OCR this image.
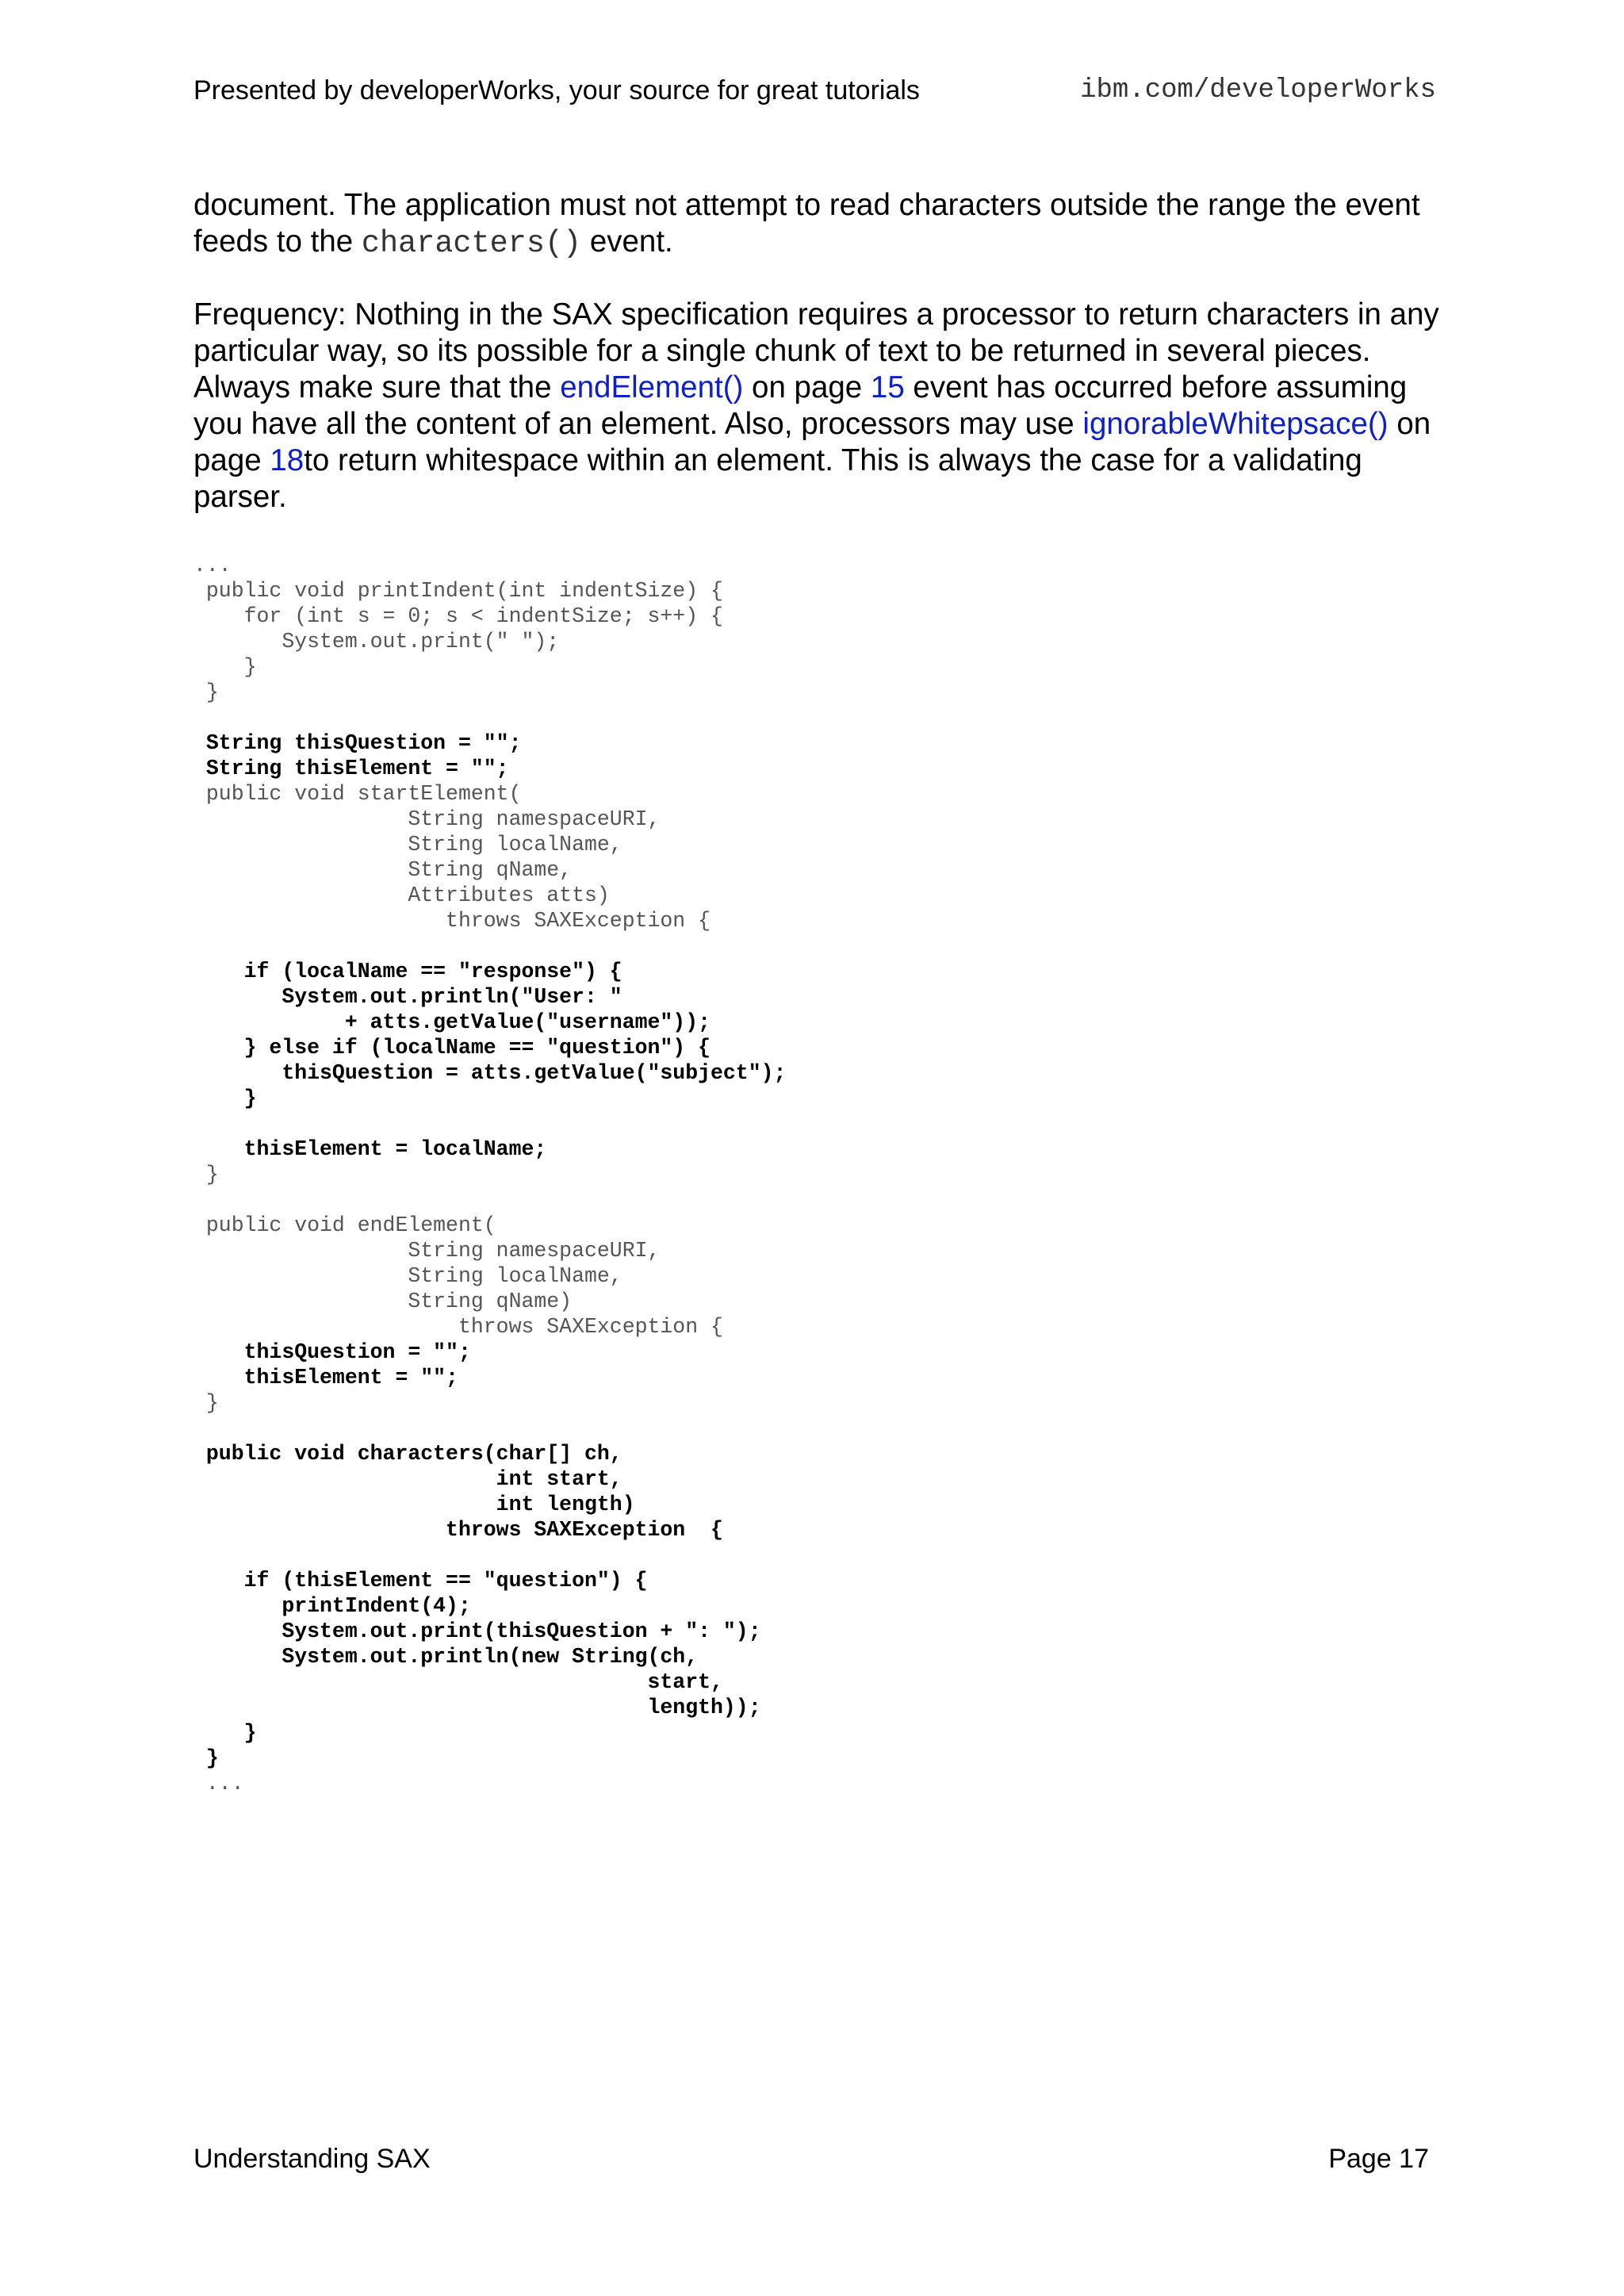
Presented by developerWorks, your source for great tutorials	ibm.com/developerWorks

document. The application must not attempt to read characters outside the range the event feeds to the characters() event.

Frequency: Nothing in the SAX specification requires a processor to return characters in any particular way, so its possible for a single chunk of text to be returned in several pieces. Always make sure that the endElement() on page 15 event has occurred before assuming you have all the content of an element. Also, processors may use ignorableWhitepsace() on page 18to return whitespace within an element. This is always the case for a validating parser.

...
public void printIndent(int indentSize) {
for (int s = 0; s < indentSize; s++) {
System.out.print(" ");
}
}

String thisQuestion = "";
String thisElement = "";
public void startElement(
String namespaceURI,
String localName,
String qName,
Attributes atts)
throws SAXException {

if (localName == "response") {
System.out.println("User: "
+ atts.getValue("username"));
} else if (localName == "question") {
thisQuestion = atts.getValue("subject");
}

thisElement = localName;
}

public void endElement(
String namespaceURI,
String localName,
String qName)
throws SAXException {
thisQuestion = "";
thisElement = "";
}

public void characters(char[] ch,
int start,
int length)
throws SAXException  {

if (thisElement == "question") {
printIndent(4);
System.out.print(thisQuestion + ": ");
System.out.println(new String(ch,
start,
length));
}
}
...
Understanding SAX	Page 17
